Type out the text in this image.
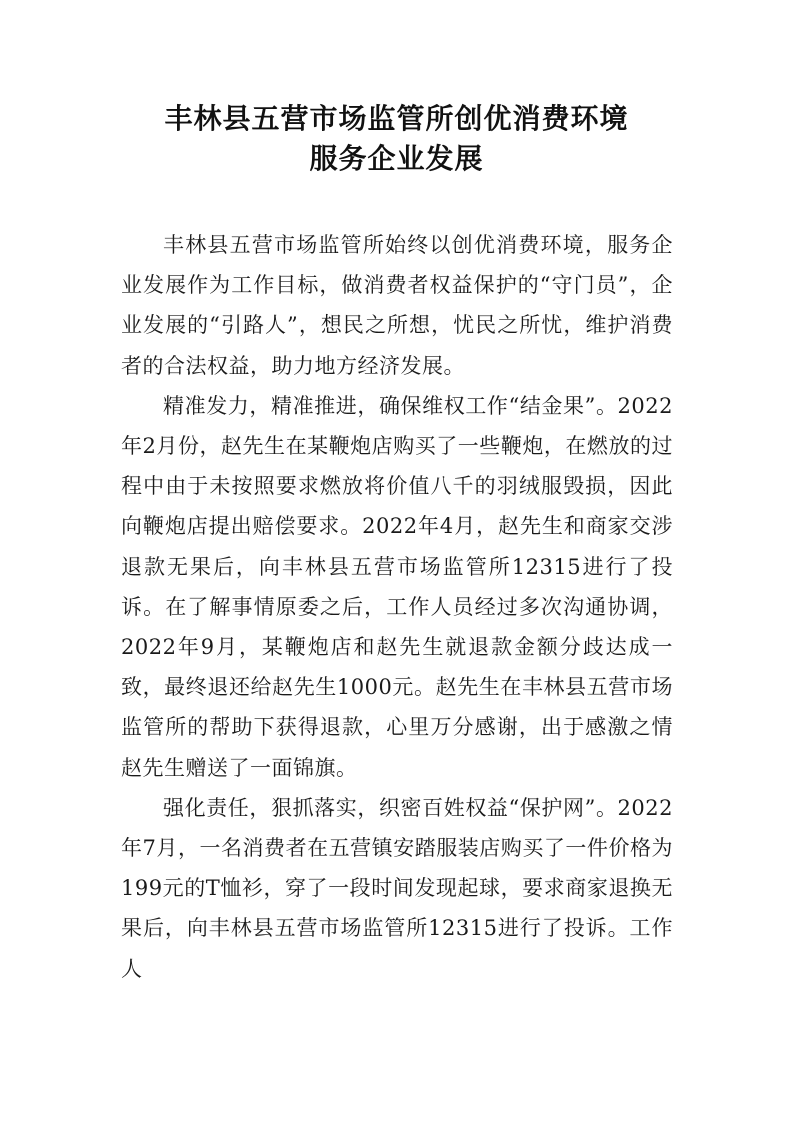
丰林县五营市场监管所创优消费环境
服务企业发展

丰林县五营市场监管所始终以创优消费环境，服务企业发展作为工作目标，做消费者权益保护的“守门员”，企业发展的“引路人”，想民之所想，忧民之所忧，维护消费者的合法权益，助力地方经济发展。

精准发力，精准推进，确保维权工作“结金果”。2022年2月份，赵先生在某鞭炮店购买了一些鞭炮，在燃放的过程中由于未按照要求燃放将价值八千的羽绒服毁损，因此向鞭炮店提出赔偿要求。2022年4月，赵先生和商家交涉退款无果后，向丰林县五营市场监管所12315进行了投诉。在了解事情原委之后，工作人员经过多次沟通协调，2022年9月，某鞭炮店和赵先生就退款金额分歧达成一致，最终退还给赵先生1000元。赵先生在丰林县五营市场监管所的帮助下获得退款，心里万分感谢，出于感激之情赵先生赠送了一面锦旗。

强化责任，狠抓落实，织密百姓权益“保护网”。2022年7月，一名消费者在五营镇安踏服装店购买了一件价格为199元的T恤衫，穿了一段时间发现起球，要求商家退换无果后，向丰林县五营市场监管所12315进行了投诉。工作人
